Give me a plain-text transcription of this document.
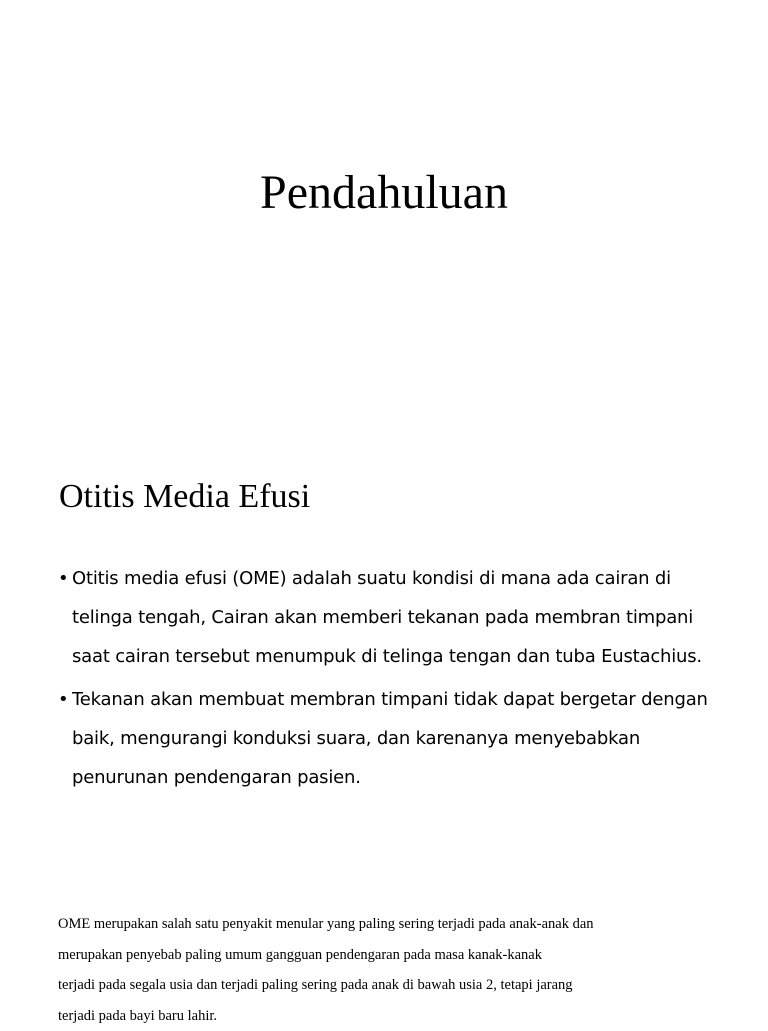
Pendahuluan
Otitis Media Efusi
• Otitis media efusi (OME) adalah suatu kondisi di mana ada cairan di telinga tengah, Cairan akan memberi tekanan pada membran timpani saat cairan tersebut menumpuk di telinga tengan dan tuba Eustachius.
• Tekanan akan membuat membran timpani tidak dapat bergetar dengan baik, mengurangi konduksi suara, dan karenanya menyebabkan penurunan pendengaran pasien.
OME merupakan salah satu penyakit menular yang paling sering terjadi pada anak-anak dan
merupakan penyebab paling umum gangguan pendengaran pada masa kanak-kanak
terjadi pada segala usia dan terjadi paling sering pada anak di bawah usia 2, tetapi jarang
terjadi pada bayi baru lahir.
